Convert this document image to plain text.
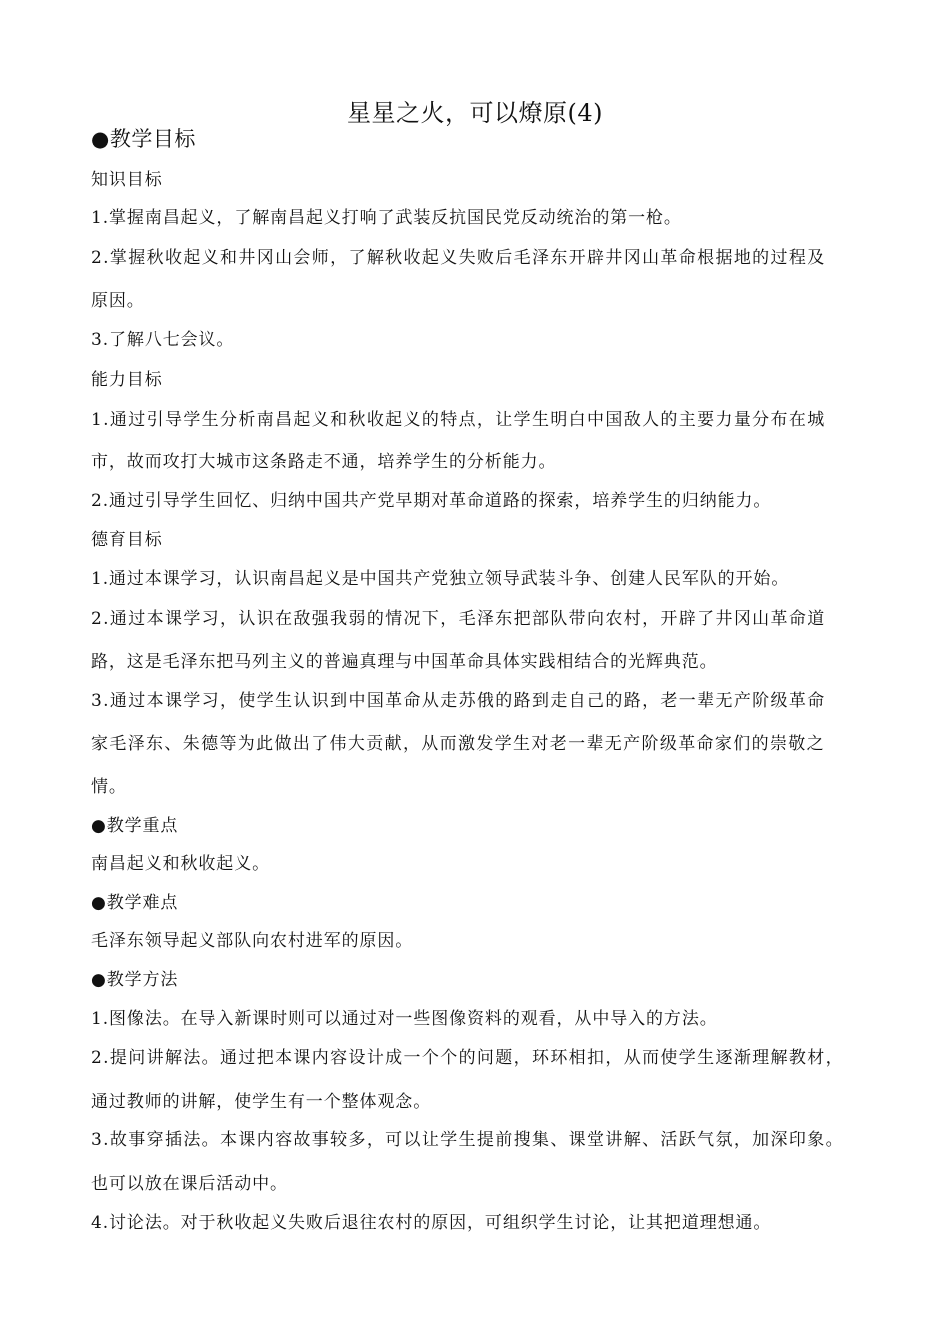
星星之火，可以燎原(4)
●教学目标
知识目标
1.掌握南昌起义，了解南昌起义打响了武装反抗国民党反动统治的第一枪。
2.掌握秋收起义和井冈山会师，了解秋收起义失败后毛泽东开辟井冈山革命根据地的过程及
原因。
3.了解八七会议。
能力目标
1.通过引导学生分析南昌起义和秋收起义的特点，让学生明白中国敌人的主要力量分布在城
市，故而攻打大城市这条路走不通，培养学生的分析能力。
2.通过引导学生回忆、归纳中国共产党早期对革命道路的探索，培养学生的归纳能力。
德育目标
1.通过本课学习，认识南昌起义是中国共产党独立领导武装斗争、创建人民军队的开始。
2.通过本课学习，认识在敌强我弱的情况下，毛泽东把部队带向农村，开辟了井冈山革命道
路，这是毛泽东把马列主义的普遍真理与中国革命具体实践相结合的光辉典范。
3.通过本课学习，使学生认识到中国革命从走苏俄的路到走自己的路，老一辈无产阶级革命
家毛泽东、朱德等为此做出了伟大贡献，从而激发学生对老一辈无产阶级革命家们的崇敬之
情。
●教学重点
南昌起义和秋收起义。
●教学难点
毛泽东领导起义部队向农村进军的原因。
●教学方法
1.图像法。在导入新课时则可以通过对一些图像资料的观看，从中导入的方法。
2.提问讲解法。通过把本课内容设计成一个个的问题，环环相扣，从而使学生逐渐理解教材，
通过教师的讲解，使学生有一个整体观念。
3.故事穿插法。本课内容故事较多，可以让学生提前搜集、课堂讲解、活跃气氛，加深印象。
也可以放在课后活动中。
4.讨论法。对于秋收起义失败后退往农村的原因，可组织学生讨论，让其把道理想通。
